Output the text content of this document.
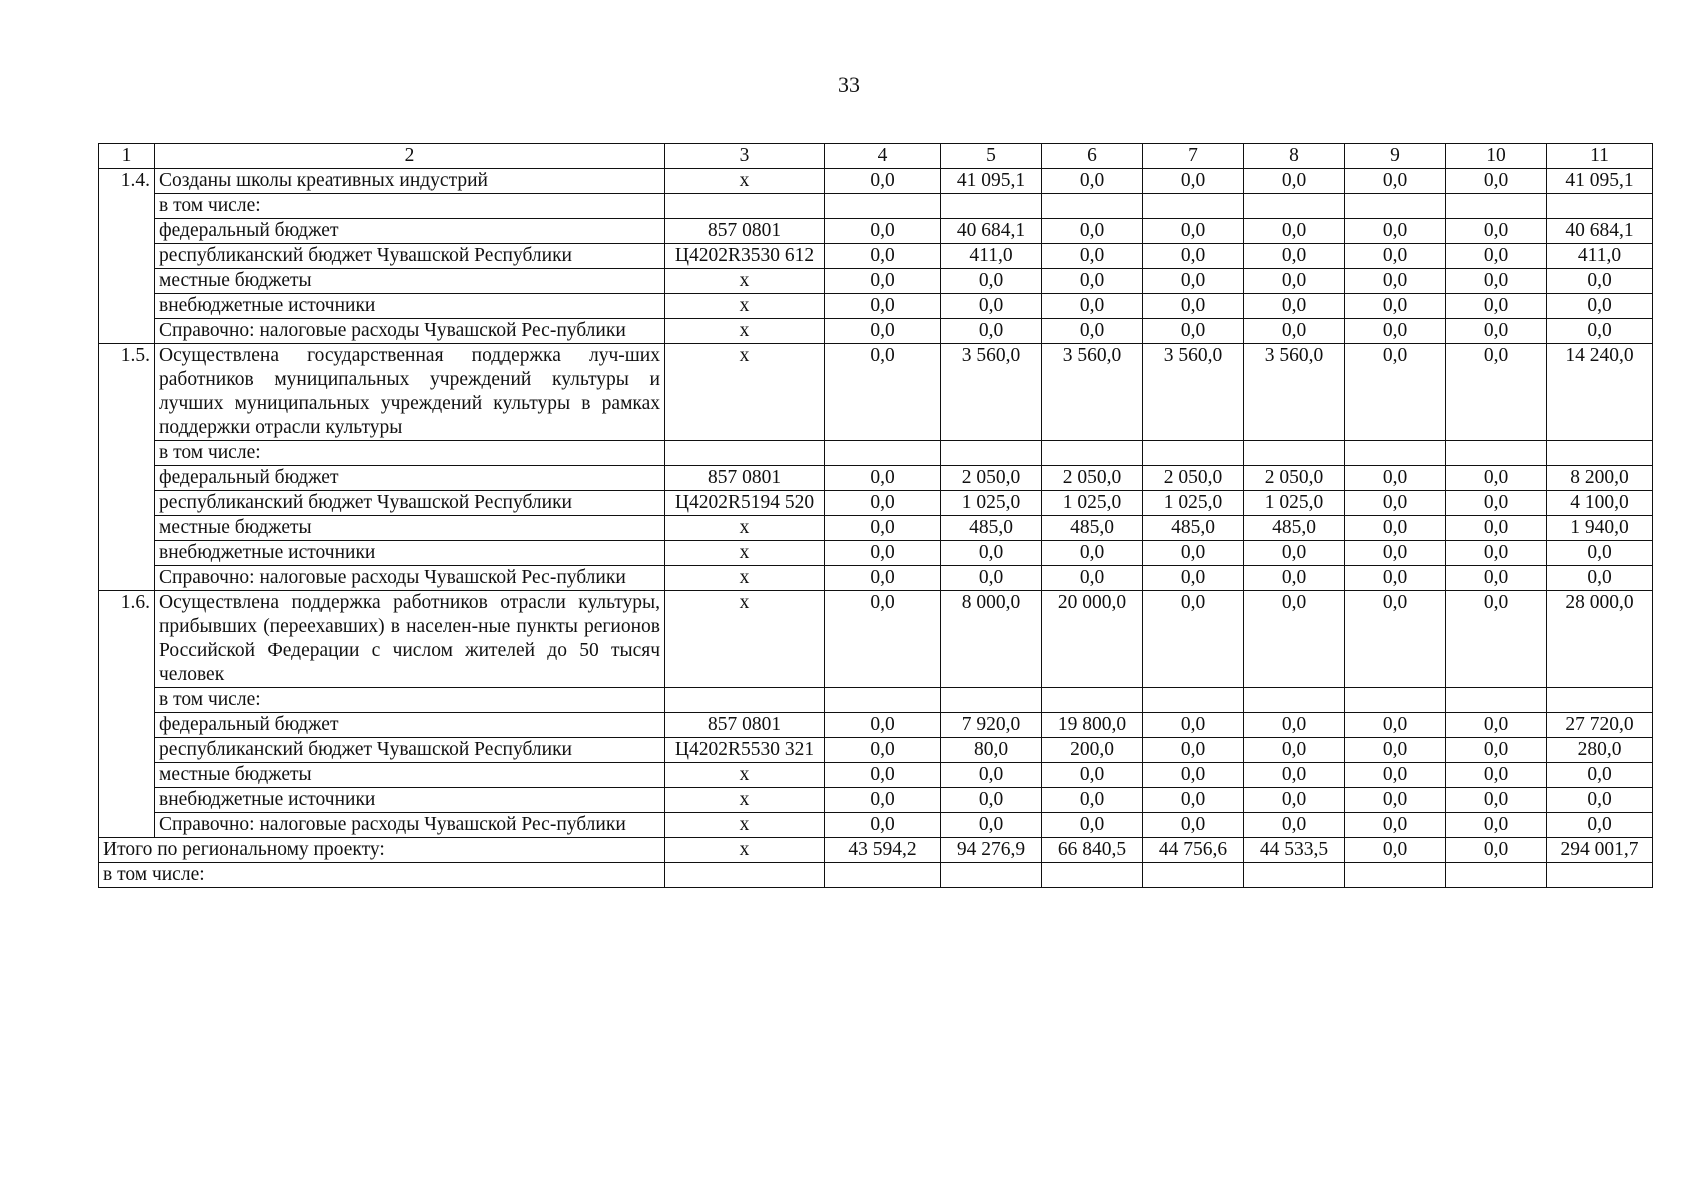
33
1	2	3	4	5	6	7	8	9	10	11
1.4.	Созданы школы креативных индустрий	х	0,0	41 095,1	0,0	0,0	0,0	0,0	0,0	41 095,1
	в том числе:									
	федеральный бюджет	857 0801	0,0	40 684,1	0,0	0,0	0,0	0,0	0,0	40 684,1
	республиканский бюджет Чувашской Республики	Ц4202R3530 612	0,0	411,0	0,0	0,0	0,0	0,0	0,0	411,0
	местные бюджеты	х	0,0	0,0	0,0	0,0	0,0	0,0	0,0	0,0
	внебюджетные источники	х	0,0	0,0	0,0	0,0	0,0	0,0	0,0	0,0
	Справочно: налоговые расходы Чувашской Рес-публики	х	0,0	0,0	0,0	0,0	0,0	0,0	0,0	0,0
1.5.	Осуществлена государственная поддержка луч-ших работников муниципальных учреждений культуры и лучших муниципальных учреждений культуры в рамках поддержки отрасли культуры	х	0,0	3 560,0	3 560,0	3 560,0	3 560,0	0,0	0,0	14 240,0
	в том числе:									
	федеральный бюджет	857 0801	0,0	2 050,0	2 050,0	2 050,0	2 050,0	0,0	0,0	8 200,0
	республиканский бюджет Чувашской Республики	Ц4202R5194 520	0,0	1 025,0	1 025,0	1 025,0	1 025,0	0,0	0,0	4 100,0
	местные бюджеты	х	0,0	485,0	485,0	485,0	485,0	0,0	0,0	1 940,0
	внебюджетные источники	х	0,0	0,0	0,0	0,0	0,0	0,0	0,0	0,0
	Справочно: налоговые расходы Чувашской Рес-публики	х	0,0	0,0	0,0	0,0	0,0	0,0	0,0	0,0
1.6.	Осуществлена поддержка работников отрасли культуры, прибывших (переехавших) в населен-ные пункты регионов Российской Федерации с числом жителей до 50 тысяч человек	х	0,0	8 000,0	20 000,0	0,0	0,0	0,0	0,0	28 000,0
	в том числе:									
	федеральный бюджет	857 0801	0,0	7 920,0	19 800,0	0,0	0,0	0,0	0,0	27 720,0
	республиканский бюджет Чувашской Республики	Ц4202R5530 321	0,0	80,0	200,0	0,0	0,0	0,0	0,0	280,0
	местные бюджеты	х	0,0	0,0	0,0	0,0	0,0	0,0	0,0	0,0
	внебюджетные источники	х	0,0	0,0	0,0	0,0	0,0	0,0	0,0	0,0
	Справочно: налоговые расходы Чувашской Рес-публики	х	0,0	0,0	0,0	0,0	0,0	0,0	0,0	0,0
Итого по региональному проекту:		х	43 594,2	94 276,9	66 840,5	44 756,6	44 533,5	0,0	0,0	294 001,7
в том числе:										
